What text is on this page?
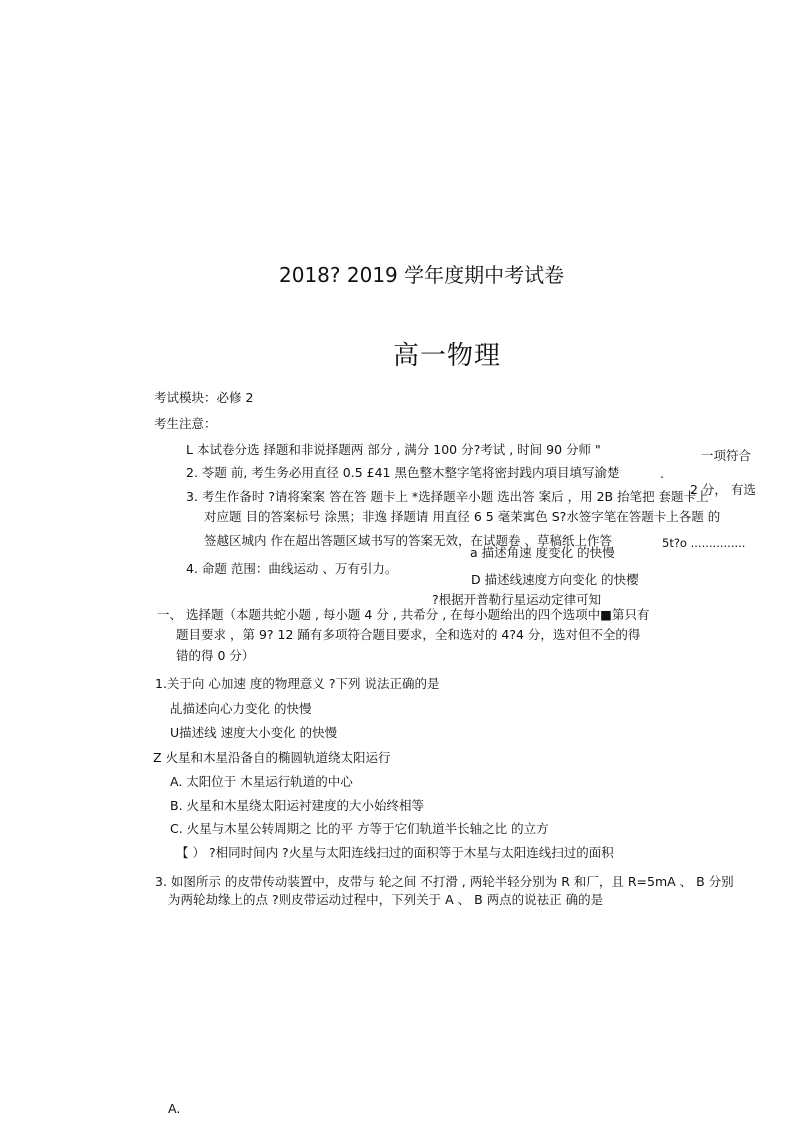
2018? 2019 学年度期中考试卷
高一物理
考试模块：必修 2
考生注意：
L 本试卷分选 择题和非说择题两 部分 , 满分 100 分?考试 , 时间 90 分师 "	一项符合
2. 苓题 前, 考生务必用直径 0.5 £41 黑色整木整字笔将密封践内項目填写渝楚	.
2 分， 有选
3. 考生作备时 ?请将案案 答在答 题卡上 *选择题辛小题 选出答 案后 ，用 2B 抬笔把 套题卡上
对应题 目的答案标号 涂黑；非逸 择题请 用直径 6 5 毫茉寓色 S?水签字笔在答题卡上各题 的
签越区城内 作在超出答题区域书写的答案无效，在试题卷 、草稿纸上作答	5t?o ...............
a 描述角速 度变化 的快慢
4. 命题 范围：曲线运动 、万有引力。
D 描述线速度方向变化 的快樱
?根据开普勒行星运动定律可知
一、 选择题（本题共蛇小题 , 每小题 4 分 , 共希分 , 在每小题绐出的四个选项中■第只有
题目要求 ，第 9? 12 踊有多项符合题目要求，全和选对的 4?4 分，选对但不全的得
错的得 0 分）
1.关于向 心加速 度的物理意义 ?下列 说法正确的是
乩描述向心力变化 的快慢
U描述线 速度大小变化 的快慢
Z 火星和木星沿备自的椭圆轨道绕太阳运行
A. 太阳位于 木星运行轨道的中心
B. 火星和木星绕太阳运衬建度的大小始终相等
C. 火星与木星公转周期之 比的平 方等于它们轨道半长轴之比 的立方
【 ） ?相同时间内 ?火星与太阳连线扫过的面积等于木星与太阳连线扫过的面积
3. 如图所示 的皮带传动装置中，皮带与 轮之间 不打滑 , 两轮半轻分别为 R 和厂，且 R=5mA 、 B 分别
为两轮劫缘上的点 ?则皮带运动过程中，下列关于 A 、 B 两点的说祛正 确的是
A.
